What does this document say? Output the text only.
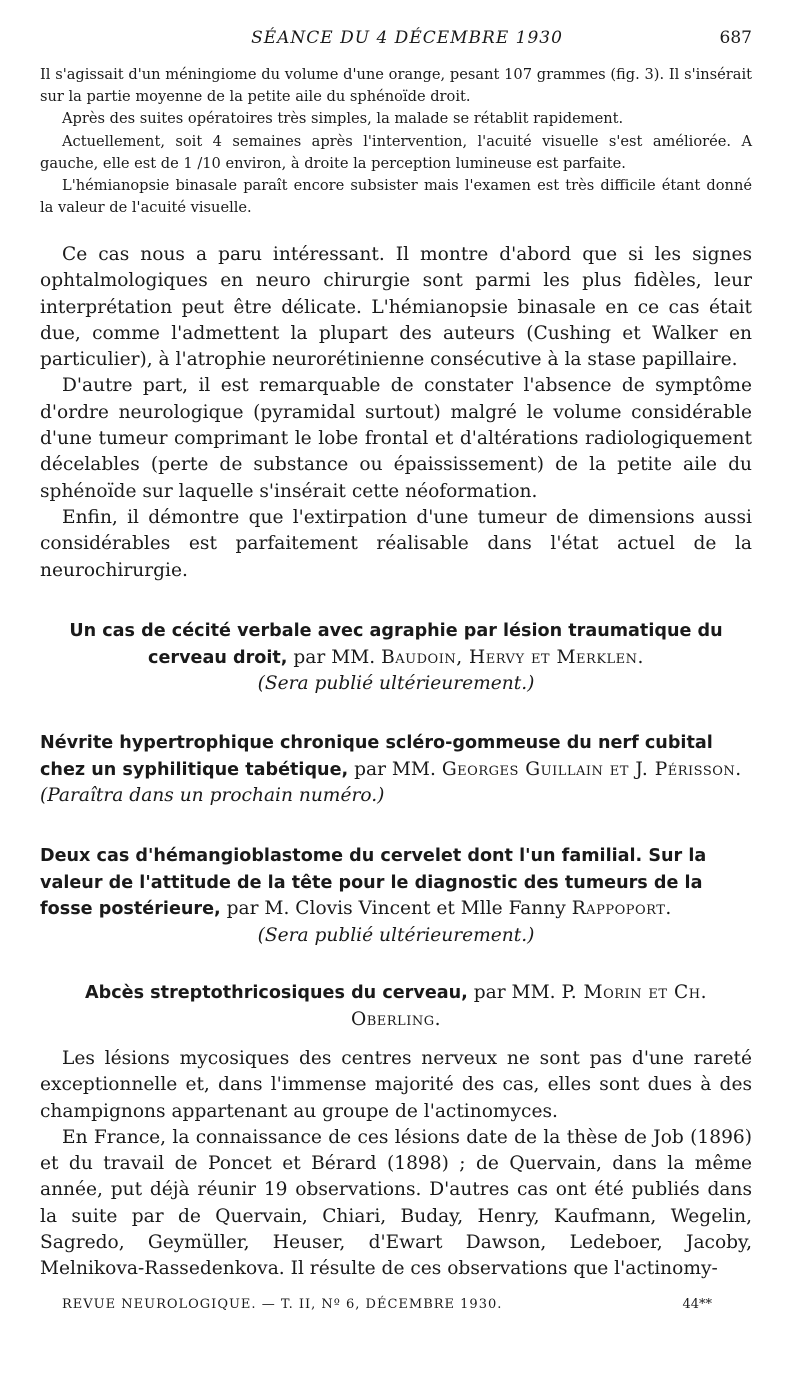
SÉANCE DU 4 DÉCEMBRE 1930	687

Il s'agissait d'un méningiome du volume d'une orange, pesant 107 grammes (fig. 3). Il s'insérait sur la partie moyenne de la petite aile du sphénoïde droit.

Après des suites opératoires très simples, la malade se rétablit rapidement.

Actuellement, soit 4 semaines après l'intervention, l'acuité visuelle s'est améliorée. A gauche, elle est de 1 /10 environ, à droite la perception lumineuse est parfaite.

L'hémianopsie binasale paraît encore subsister mais l'examen est très difficile étant donné la valeur de l'acuité visuelle.

Ce cas nous a paru intéressant. Il montre d'abord que si les signes ophtalmologiques en neuro chirurgie sont parmi les plus fidèles, leur interprétation peut être délicate. L'hémianopsie binasale en ce cas était due, comme l'admettent la plupart des auteurs (Cushing et Walker en particulier), à l'atrophie neurorétinienne consécutive à la stase papillaire.

D'autre part, il est remarquable de constater l'absence de symptôme d'ordre neurologique (pyramidal surtout) malgré le volume considérable d'une tumeur comprimant le lobe frontal et d'altérations radiologiquement décelables (perte de substance ou épaississement) de la petite aile du sphénoïde sur laquelle s'insérait cette néoformation.

Enfin, il démontre que l'extirpation d'une tumeur de dimensions aussi considérables est parfaitement réalisable dans l'état actuel de la neurochirurgie.

Un cas de cécité verbale avec agraphie par lésion traumatique du cerveau droit, par MM. Baudoin, Hervy et Merklen.
(Sera publié ultérieurement.)
Névrite hypertrophique chronique scléro-gommeuse du nerf cubital chez un syphilitique tabétique, par MM. Georges Guillain et J. Périsson. (Paraîtra dans un prochain numéro.)
Deux cas d'hémangioblastome du cervelet dont l'un familial. Sur la valeur de l'attitude de la tête pour le diagnostic des tumeurs de la fosse postérieure, par M. Clovis Vincent et Mlle Fanny Rappoport.
(Sera publié ultérieurement.)
Abcès streptothricosiques du cerveau, par MM. P. Morin et Ch. Oberling.

Les lésions mycosiques des centres nerveux ne sont pas d'une rareté exceptionnelle et, dans l'immense majorité des cas, elles sont dues à des champignons appartenant au groupe de l'actinomyces.

En France, la connaissance de ces lésions date de la thèse de Job (1896) et du travail de Poncet et Bérard (1898) ; de Quervain, dans la même année, put déjà réunir 19 observations. D'autres cas ont été publiés dans la suite par de Quervain, Chiari, Buday, Henry, Kaufmann, Wegelin, Sagredo, Geymüller, Heuser, d'Ewart Dawson, Ledeboer, Jacoby, Melnikova-Rassedenkova. Il résulte de ces observations que l'actinomy-

REVUE NEUROLOGIQUE. — T. II, Nº 6, DÉCEMBRE 1930.	44**
